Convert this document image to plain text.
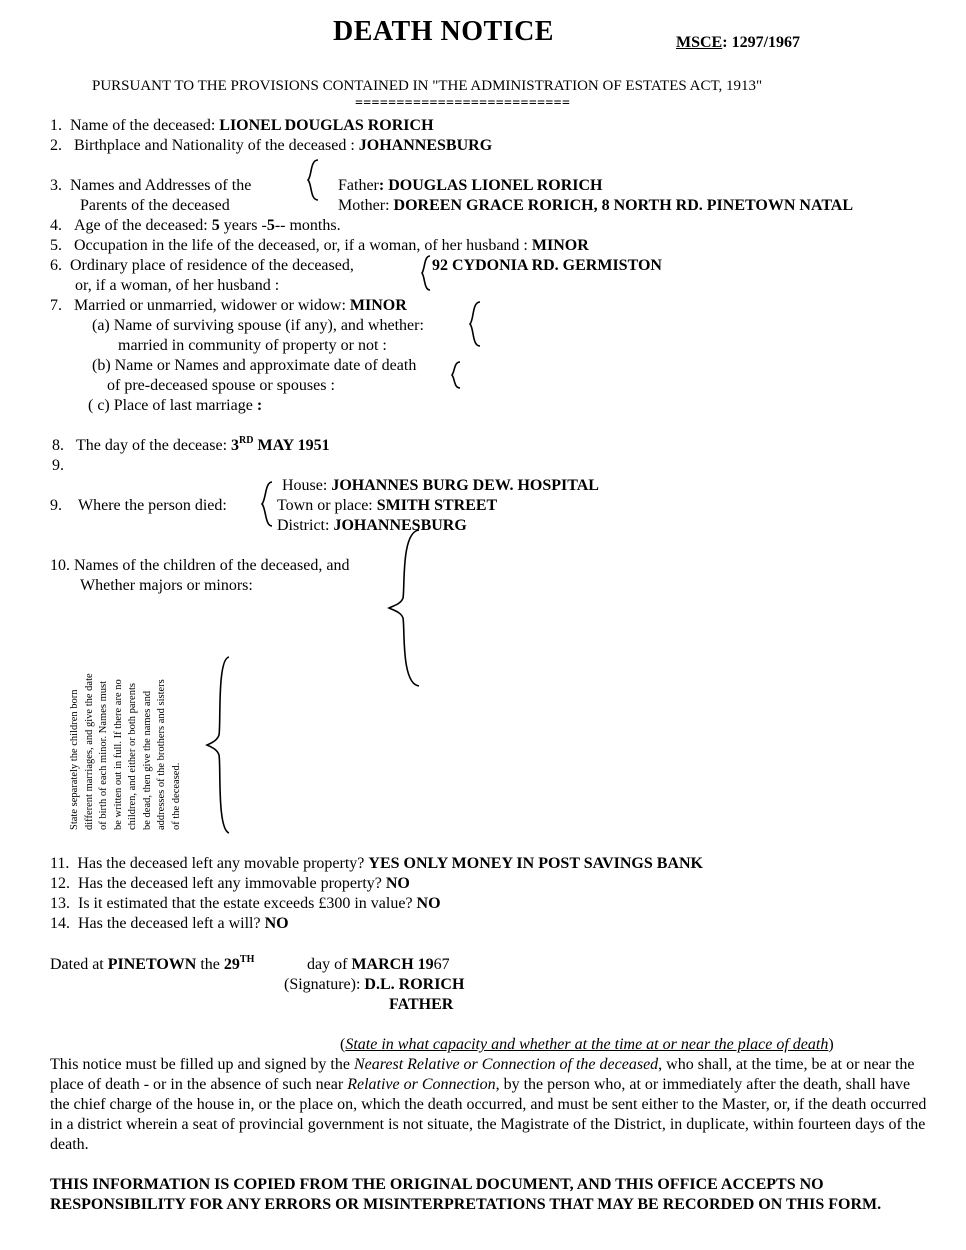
DEATH NOTICE	MSCE: 1297/1967
PURSUANT TO THE PROVISIONS CONTAINED IN "THE ADMINISTRATION OF ESTATES ACT, 1913"
==========================
1. Name of the deceased: LIONEL DOUGLAS RORICH
2. Birthplace and Nationality of the deceased : JOHANNESBURG
3. Names and Addresses of the
Parents of the deceased
Father: DOUGLAS LIONEL RORICH
Mother: DOREEN GRACE RORICH, 8 NORTH RD. PINETOWN NATAL
4. Age of the deceased: 5 years -5-- months.
5. Occupation in the life of the deceased, or, if a woman, of her husband : MINOR
6. Ordinary place of residence of the deceased,
or, if a woman, of her husband :
92 CYDONIA RD. GERMISTON
7. Married or unmarried, widower or widow: MINOR
(a) Name of surviving spouse (if any), and whether:
married in community of property or not :
(b) Name or Names and approximate date of death
of pre-deceased spouse or spouses :
( c) Place of last marriage :
8. The day of the decease: 3RD MAY 1951
9.
9. Where the person died:
House: JOHANNES BURG DEW. HOSPITAL
Town or place: SMITH STREET
District: JOHANNESBURG
10. Names of the children of the deceased, and
Whether majors or minors:
State separately the children born different marriages, and give the date of birth of each minor. Names must be written out in full. If there are no children, and either or both parents be dead, then give the names and addresses of the brothers and sisters of the deceased.
11. Has the deceased left any movable property? YES ONLY MONEY IN POST SAVINGS BANK
12. Has the deceased left any immovable property? NO
13. Is it estimated that the estate exceeds £300 in value? NO
14. Has the deceased left a will? NO
Dated at PINETOWN the 29TH	day of MARCH 1967
(Signature): D.L. RORICH
FATHER
(State in what capacity and whether at the time at or near the place of death)
This notice must be filled up and signed by the Nearest Relative or Connection of the deceased, who shall, at the time, be at or near the place of death - or in the absence of such near Relative or Connection, by the person who, at or immediately after the death, shall have the chief charge of the house in, or the place on, which the death occurred, and must be sent either to the Master, or, if the death occurred in a district wherein a seat of provincial government is not situate, the Magistrate of the District, in duplicate, within fourteen days of the death.
THIS INFORMATION IS COPIED FROM THE ORIGINAL DOCUMENT, AND THIS OFFICE ACCEPTS NO RESPONSIBILITY FOR ANY ERRORS OR MISINTERPRETATIONS THAT MAY BE RECORDED ON THIS FORM.
